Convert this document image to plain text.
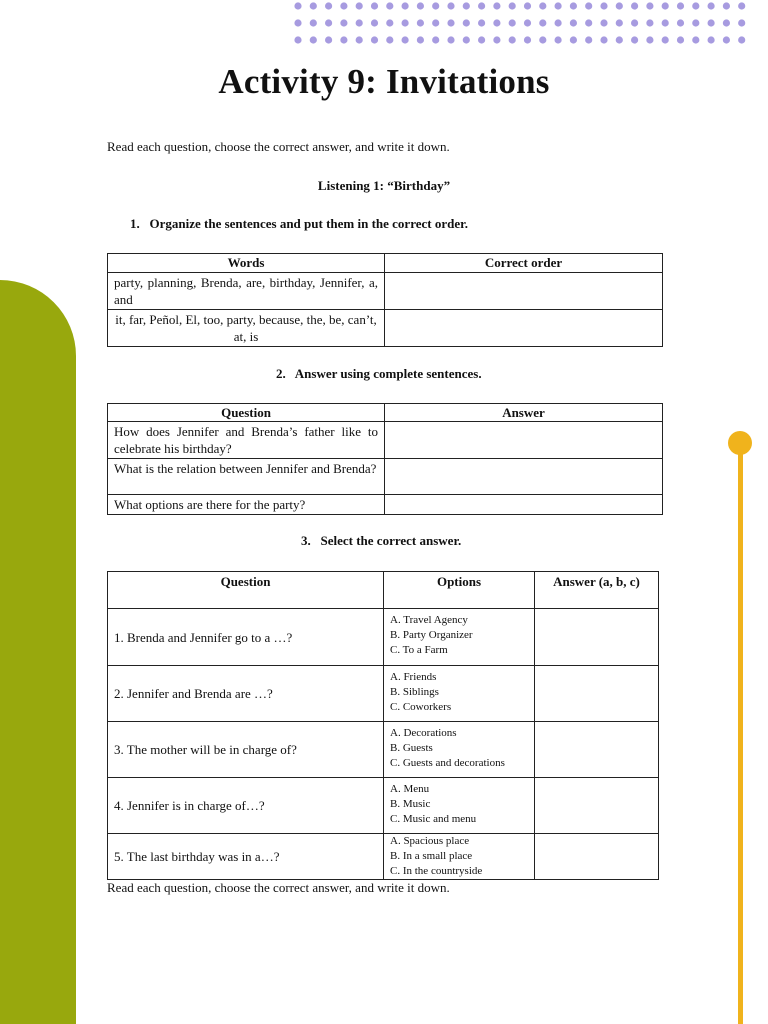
Activity 9: Invitations

Read each question, choose the correct answer, and write it down.

Listening 1: “Birthday”

1.   Organize the sentences and put them in the correct order.

Words	Correct order
party, planning, Brenda, are, birthday, Jennifer, a, and	
it, far, Peñol, El, too, party, because, the, be, can’t, at, is	

2.   Answer using complete sentences.

Question	Answer
How does Jennifer and Brenda’s father like to celebrate his birthday?	
What is the relation between Jennifer and Brenda?	
What options are there for the party?	

3.   Select the correct answer.

Question	Options	Answer (a, b, c)
1. Brenda and Jennifer go to a …?	A. Travel Agency
B. Party Organizer
C. To a Farm	

2. Jennifer and Brenda are …?	A. Friends
B. Siblings
C. Coworkers	

3. The mother will be in charge of?	A. Decorations
B. Guests
C. Guests and decorations	

4. Jennifer is in charge of…?	A. Menu
B. Music
C. Music and menu	

5. The last birthday was in a…?	A. Spacious place
B. In a small place
C. In the countryside	

Read each question, choose the correct answer, and write it down.
